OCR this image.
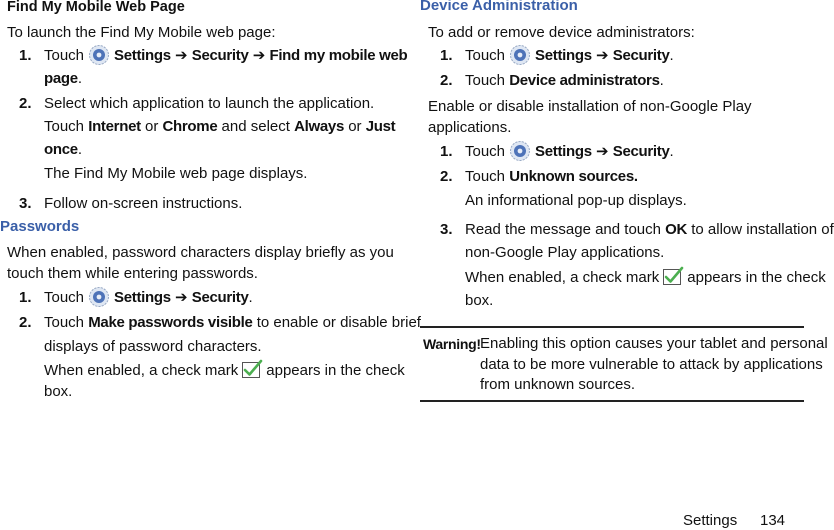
Find My Mobile Web Page
To launch the Find My Mobile web page:
1. Touch Settings ➔ Security ➔ Find my mobile web
page.
2. Select which application to launch the application.
Touch Internet or Chrome and select Always or Just
once.
The Find My Mobile web page displays.
3. Follow on-screen instructions.
Passwords
When enabled, password characters display briefly as you
touch them while entering passwords.
1. Touch Settings ➔ Security.
2. Touch Make passwords visible to enable or disable brief
displays of password characters.
When enabled, a check mark appears in the check
box.
Device Administration
To add or remove device administrators:
1. Touch Settings ➔ Security.
2. Touch Device administrators.
Enable or disable installation of non-Google Play
applications.
1. Touch Settings ➔ Security.
2. Touch Unknown sources.
An informational pop-up displays.
3. Read the message and touch OK to allow installation of
non-Google Play applications.
When enabled, a check mark appears in the check
box.
Warning! Enabling this option causes your tablet and personal
data to be more vulnerable to attack by applications
from unknown sources.
Settings 134
